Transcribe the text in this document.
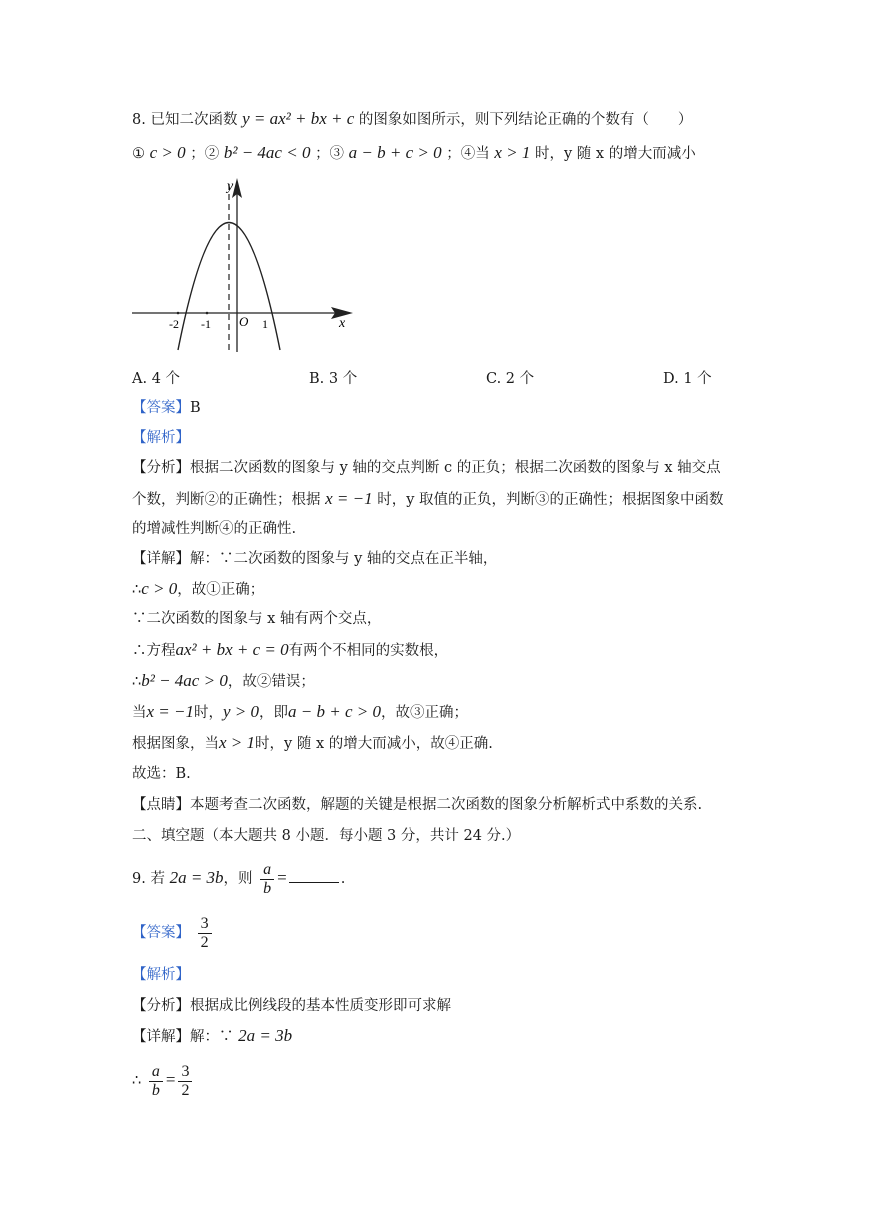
8. 已知二次函数 y = ax² + bx + c 的图象如图所示，则下列结论正确的个数有（　　）
① c > 0 ；② b² − 4ac < 0 ；③ a − b + c > 0 ；④当 x > 1 时，y 随 x 的增大而减小
y
x
-2 -1 O 1
A. 4 个	B. 3 个	C. 2 个	D. 1 个
【答案】B
【解析】
【分析】根据二次函数的图象与 y 轴的交点判断 c 的正负；根据二次函数的图象与 x 轴交点
个数，判断②的正确性；根据 x = −1 时，y 取值的正负，判断③的正确性；根据图象中函数
的增减性判断④的正确性.
【详解】解：∵二次函数的图象与 y 轴的交点在正半轴，
∴c > 0，故①正确；
∵二次函数的图象与 x 轴有两个交点，
∴方程ax² + bx + c = 0有两个不相同的实数根，
∴b² − 4ac > 0，故②错误；
当x = −1时，y > 0，即a − b + c > 0，故③正确；
根据图象，当x > 1时，y 随 x 的增大而减小，故④正确.
故选：B.
【点睛】本题考查二次函数，解题的关键是根据二次函数的图象分析解析式中系数的关系.
二、填空题（本大题共 8 小题．每小题 3 分，共计 24 分.）
9. 若 2a = 3b，则 $\frac{a}{b}$ =	.
【答案】 $\frac{3}{2}$
【解析】
【分析】根据成比例线段的基本性质变形即可求解
【详解】解：∵ 2a = 3b
∴ $\frac{a}{b} = \frac{3}{2}$
